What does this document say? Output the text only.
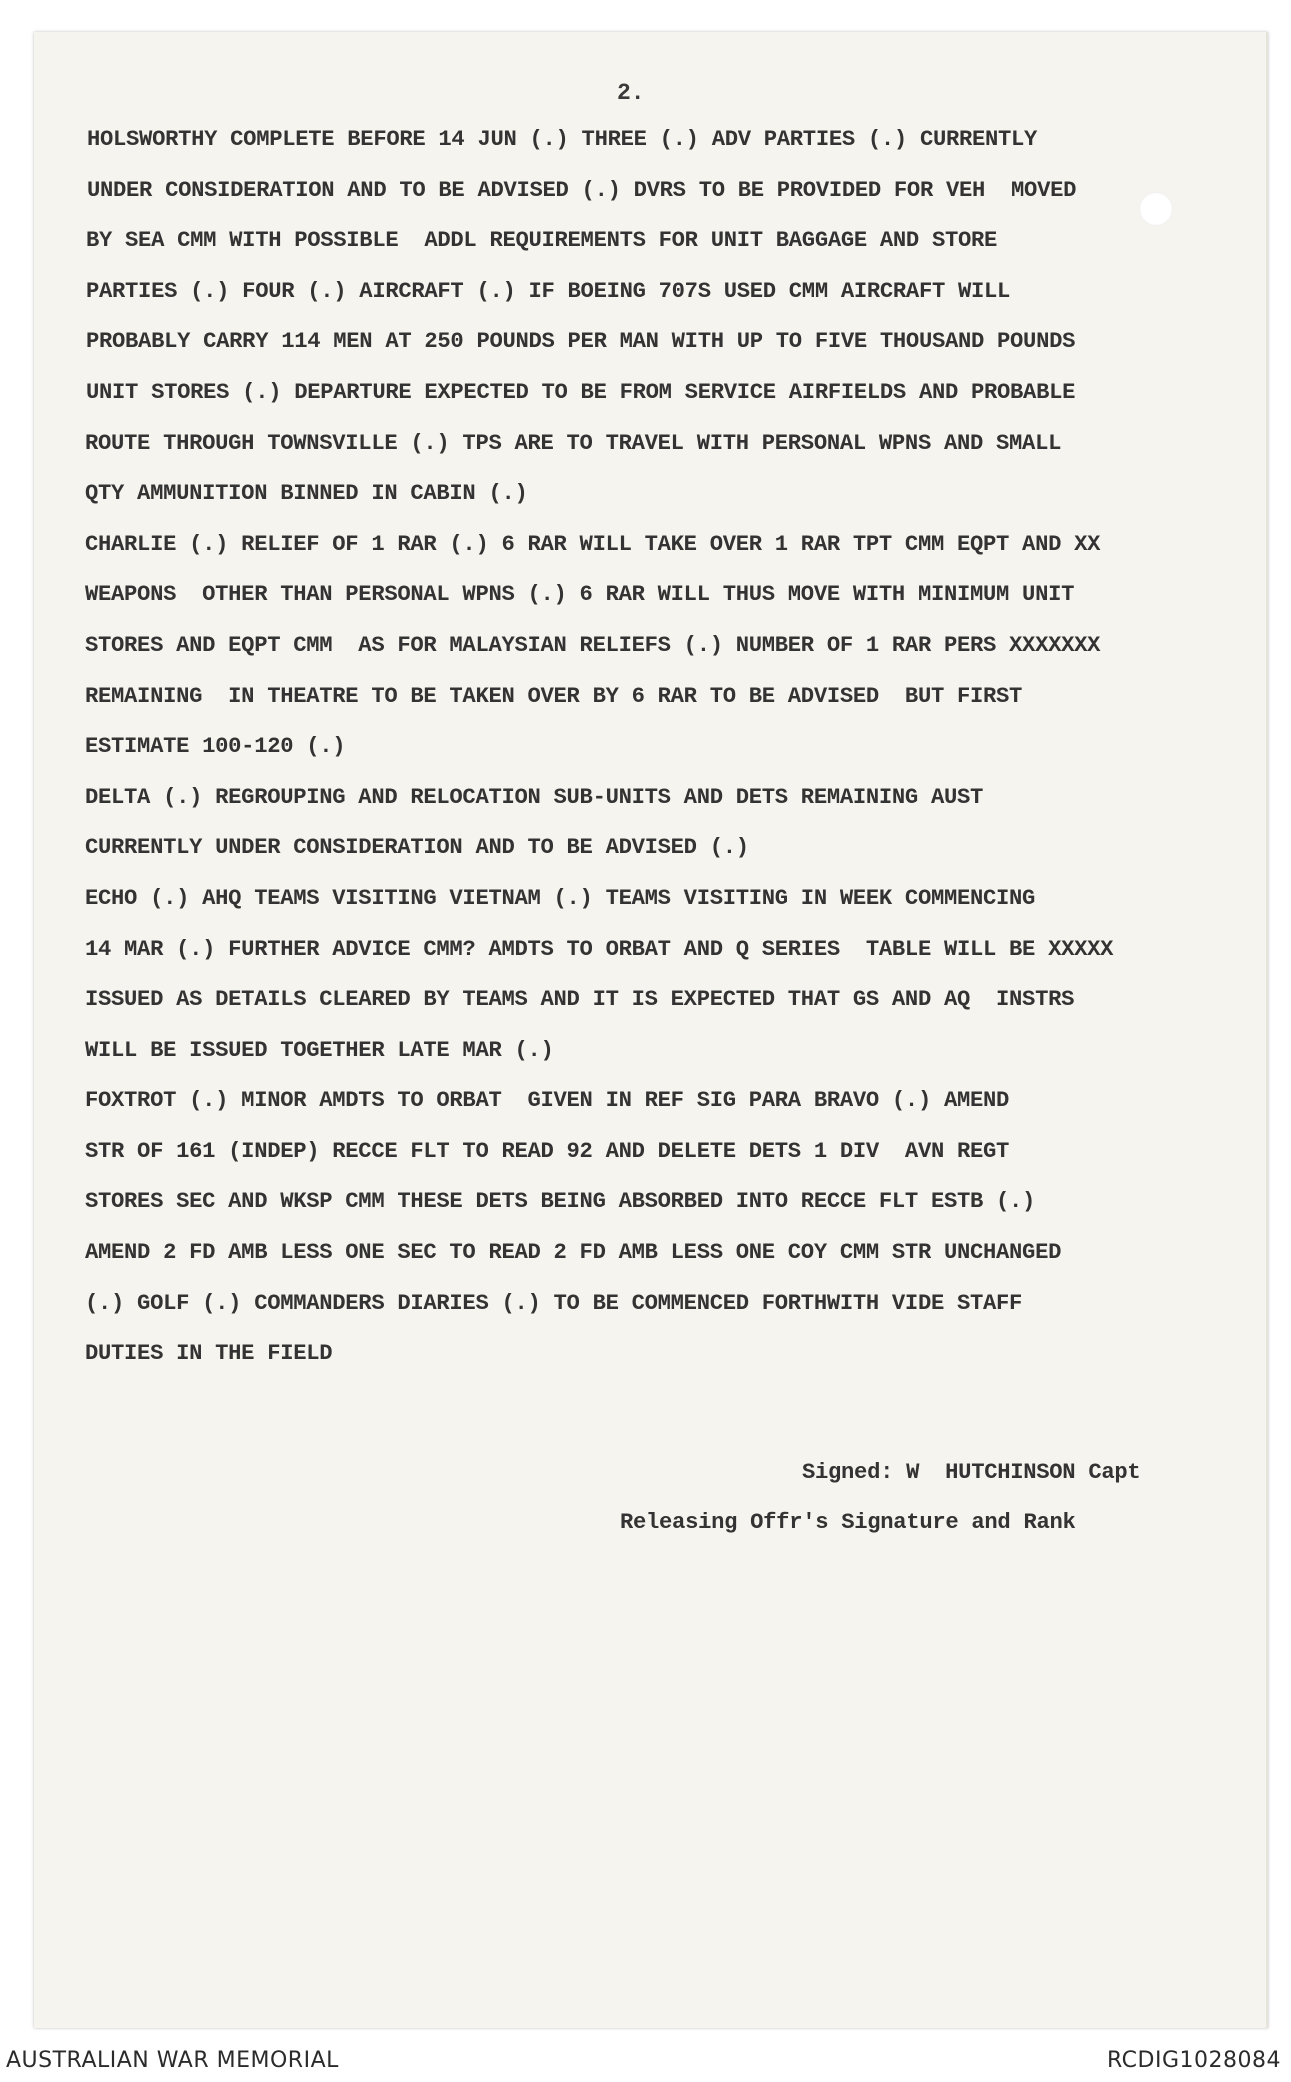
2.

HOLSWORTHY COMPLETE BEFORE 14 JUN (.) THREE (.) ADV PARTIES (.) CURRENTLY
UNDER CONSIDERATION AND TO BE ADVISED (.) DVRS TO BE PROVIDED FOR VEH  MOVED
BY SEA CMM WITH POSSIBLE  ADDL REQUIREMENTS FOR UNIT BAGGAGE AND STORE
PARTIES (.) FOUR (.) AIRCRAFT (.) IF BOEING 707S USED CMM AIRCRAFT WILL
PROBABLY CARRY 114 MEN AT 250 POUNDS PER MAN WITH UP TO FIVE THOUSAND POUNDS
UNIT STORES (.) DEPARTURE EXPECTED TO BE FROM SERVICE AIRFIELDS AND PROBABLE
ROUTE THROUGH TOWNSVILLE (.) TPS ARE TO TRAVEL WITH PERSONAL WPNS AND SMALL
QTY AMMUNITION BINNED IN CABIN (.)
CHARLIE (.) RELIEF OF 1 RAR (.) 6 RAR WILL TAKE OVER 1 RAR TPT CMM EQPT AND XX
WEAPONS  OTHER THAN PERSONAL WPNS (.) 6 RAR WILL THUS MOVE WITH MINIMUM UNIT
STORES AND EQPT CMM  AS FOR MALAYSIAN RELIEFS (.) NUMBER OF 1 RAR PERS XXXXXXX
REMAINING  IN THEATRE TO BE TAKEN OVER BY 6 RAR TO BE ADVISED  BUT FIRST
ESTIMATE 100-120 (.)
DELTA (.) REGROUPING AND RELOCATION SUB-UNITS AND DETS REMAINING AUST
CURRENTLY UNDER CONSIDERATION AND TO BE ADVISED (.)
ECHO (.) AHQ TEAMS VISITING VIETNAM (.) TEAMS VISITING IN WEEK COMMENCING
14 MAR (.) FURTHER ADVICE CMM? AMDTS TO ORBAT AND Q SERIES  TABLE WILL BE XXXXX
ISSUED AS DETAILS CLEARED BY TEAMS AND IT IS EXPECTED THAT GS AND AQ  INSTRS
WILL BE ISSUED TOGETHER LATE MAR (.)
FOXTROT (.) MINOR AMDTS TO ORBAT  GIVEN IN REF SIG PARA BRAVO (.) AMEND
STR OF 161 (INDEP) RECCE FLT TO READ 92 AND DELETE DETS 1 DIV  AVN REGT
STORES SEC AND WKSP CMM THESE DETS BEING ABSORBED INTO RECCE FLT ESTB (.)
AMEND 2 FD AMB LESS ONE SEC TO READ 2 FD AMB LESS ONE COY CMM STR UNCHANGED
(.) GOLF (.) COMMANDERS DIARIES (.) TO BE COMMENCED FORTHWITH VIDE STAFF
DUTIES IN THE FIELD
Signed: W  HUTCHINSON Capt
Releasing Offr's Signature and Rank
AUSTRALIAN WAR MEMORIAL	RCDIG1028084
